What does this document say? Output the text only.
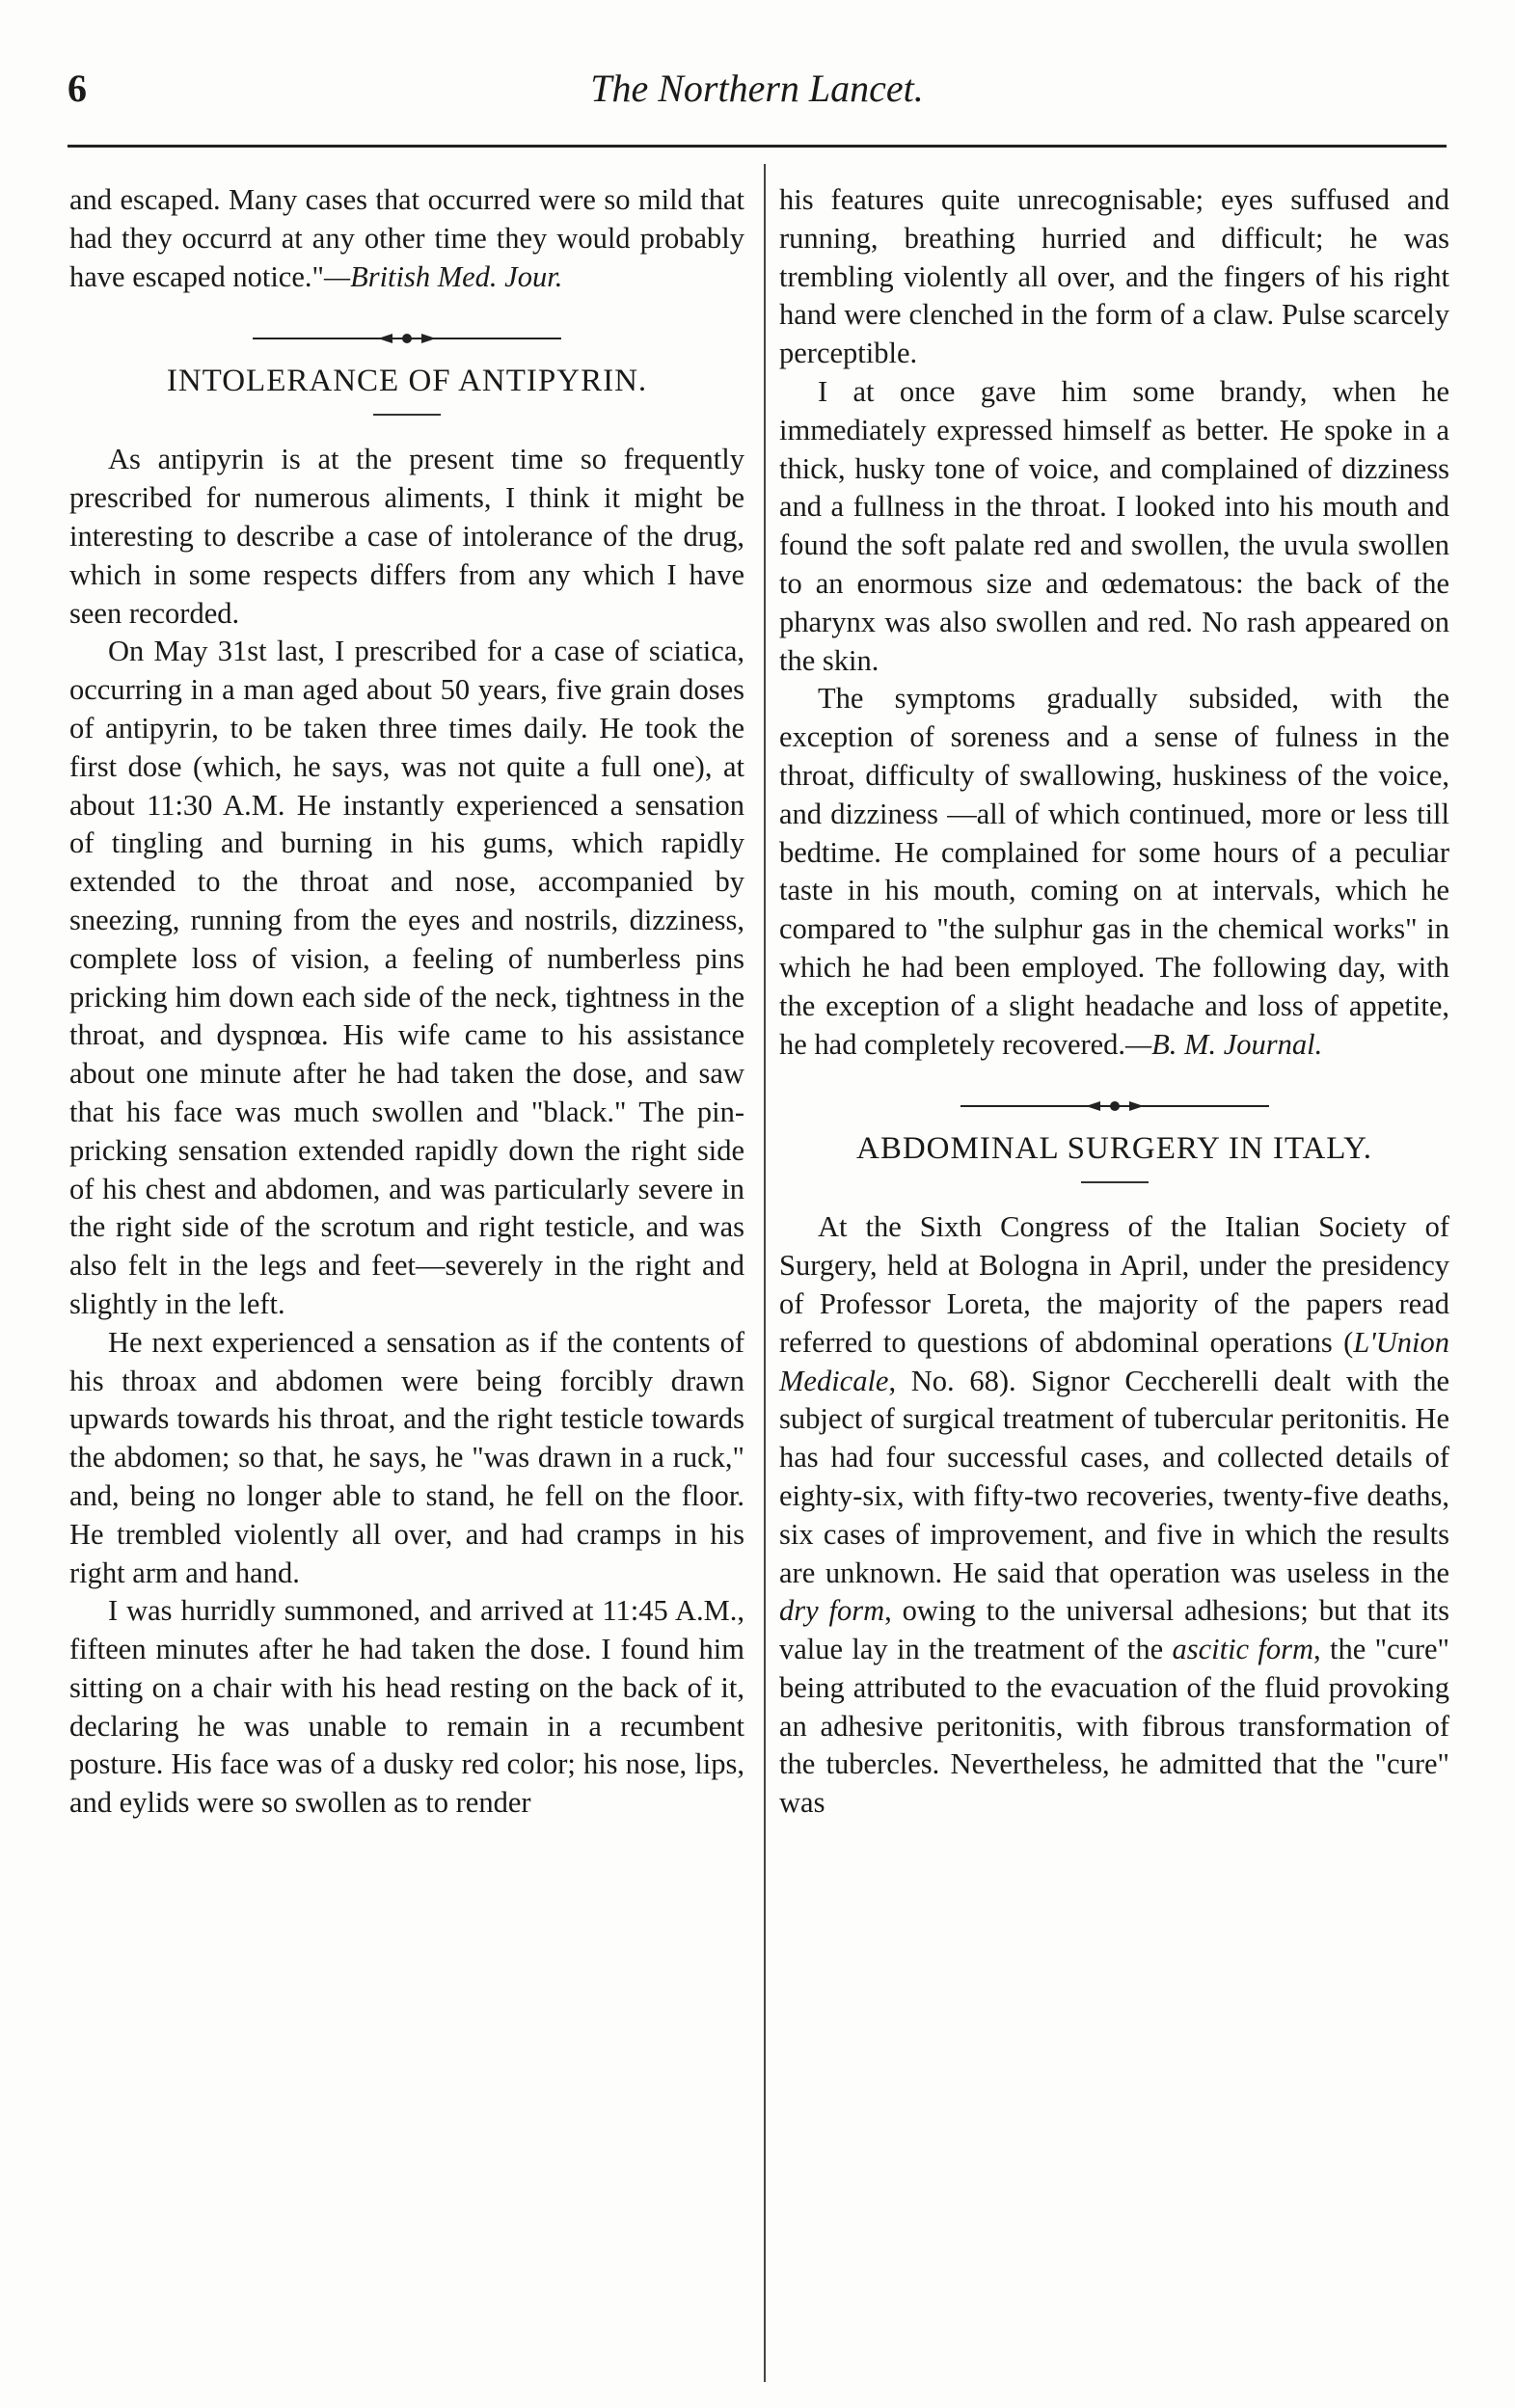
6	The Northern Lancet.

and escaped. Many cases that occurred were so mild that had they occurrd at any other time they would probably have escaped notice."—British Med. Jour.

INTOLERANCE OF ANTIPYRIN.

As antipyrin is at the present time so frequently prescribed for numerous aliments, I think it might be interesting to describe a case of intolerance of the drug, which in some respects differs from any which I have seen recorded.

On May 31st last, I prescribed for a case of sciatica, occurring in a man aged about 50 years, five grain doses of antipyrin, to be taken three times daily. He took the first dose (which, he says, was not quite a full one), at about 11:30 A.M. He instantly experienced a sensation of tingling and burning in his gums, which rapidly extended to the throat and nose, accompanied by sneezing, running from the eyes and nostrils, dizziness, complete loss of vision, a feeling of numberless pins pricking him down each side of the neck, tightness in the throat, and dyspnœa. His wife came to his assistance about one minute after he had taken the dose, and saw that his face was much swollen and "black." The pin-pricking sensation extended rapidly down the right side of his chest and abdomen, and was particularly severe in the right side of the scrotum and right testicle, and was also felt in the legs and feet—severely in the right and slightly in the left.

He next experienced a sensation as if the contents of his throax and abdomen were being forcibly drawn upwards towards his throat, and the right testicle towards the abdomen; so that, he says, he "was drawn in a ruck," and, being no longer able to stand, he fell on the floor. He trembled violently all over, and had cramps in his right arm and hand.

I was hurridly summoned, and arrived at 11:45 A.M., fifteen minutes after he had taken the dose. I found him sitting on a chair with his head resting on the back of it, declaring he was unable to remain in a recumbent posture. His face was of a dusky red color; his nose, lips, and eylids were so swollen as to render

his features quite unrecognisable; eyes suffused and running, breathing hurried and difficult; he was trembling violently all over, and the fingers of his right hand were clenched in the form of a claw. Pulse scarcely perceptible.

I at once gave him some brandy, when he immediately expressed himself as better. He spoke in a thick, husky tone of voice, and complained of dizziness and a fullness in the throat. I looked into his mouth and found the soft palate red and swollen, the uvula swollen to an enormous size and œdematous: the back of the pharynx was also swollen and red. No rash appeared on the skin.

The symptoms gradually subsided, with the exception of soreness and a sense of fulness in the throat, difficulty of swallowing, huskiness of the voice, and dizziness —all of which continued, more or less till bedtime. He complained for some hours of a peculiar taste in his mouth, coming on at intervals, which he compared to "the sulphur gas in the chemical works" in which he had been employed. The following day, with the exception of a slight headache and loss of appetite, he had completely recovered.—B. M. Journal.

ABDOMINAL SURGERY IN ITALY.

At the Sixth Congress of the Italian Society of Surgery, held at Bologna in April, under the presidency of Professor Loreta, the majority of the papers read referred to questions of abdominal operations (L'Union Medicale, No. 68). Signor Ceccherelli dealt with the subject of surgical treatment of tubercular peritonitis. He has had four successful cases, and collected details of eighty-six, with fifty-two recoveries, twenty-five deaths, six cases of improvement, and five in which the results are unknown. He said that operation was useless in the dry form, owing to the universal adhesions; but that its value lay in the treatment of the ascitic form, the "cure" being attributed to the evacuation of the fluid provoking an adhesive peritonitis, with fibrous transformation of the tubercles. Nevertheless, he admitted that the "cure" was
